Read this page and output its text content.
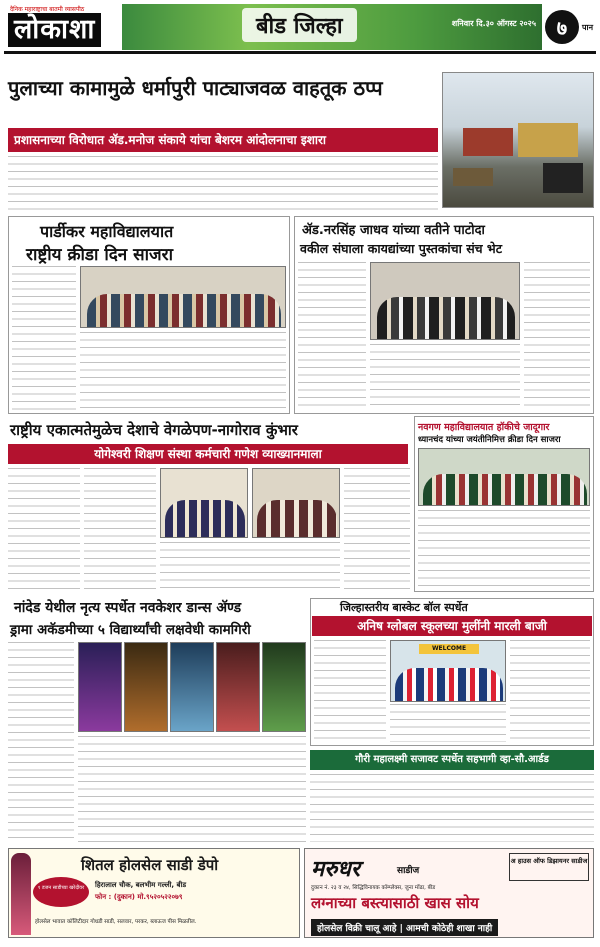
दैनिक महाराष्ट्राचा बातमी व्यासपीठ
लोकाशा	बीड जिल्हा	शनिवार दि.३० ऑगस्ट २०२५	७	पान
पुलाच्या कामामुळे धर्मापुरी पाट्याजवळ वाहतूक ठप्प
प्रशासनाच्या विरोधात ॲड.मनोज संकाये यांचा बेशरम आंदोलनाचा इशारा
पार्डीकर महाविद्यालयात
राष्ट्रीय क्रीडा दिन साजरा
ॲड.नरसिंह जाधव यांच्या वतीने पाटोदा
वकील संघाला कायद्यांच्या पुस्तकांचा संच भेट
राष्ट्रीय एकात्मतेमुळेच देशाचे वेगळेपण-नागोराव कुंभार
योगेश्वरी शिक्षण संस्था कर्मचारी गणेश व्याख्यानमाला
नवगण महाविद्यालयात हॉकीचे जादूगार
ध्यानचंद यांच्या जयंतीनिमित्त क्रीडा दिन साजरा
नांदेड येथील नृत्य स्पर्धेत नवकेशर डान्स ॲण्ड
ड्रामा अकॅडमीच्या ५ विद्यार्थ्यांची लक्षवेधी कामगिरी
जिल्हास्तरीय बास्केट बॉल स्पर्धेत
अनिष ग्लोबल स्कूलच्या मुलींनी मारली बाजी
WELCOME
गौरी महालक्ष्मी सजावट स्पर्धेत सहभागी व्हा-सौ.आर्डड
शितल होलसेल साडी डेपो
हिरालाल चौक, बलभीम गल्ली, बीड
फोन : (दुकान) मो.९५२०५२२०७९
१ डजन साडीच्या खरेदीवर
होलसेल भावात कॉलिटीदार गोधडी साडी, सलवार, परकर, ब्लाऊज पीस मिळतील.
मरुधर	साडीज
अ हाउस ऑफ डिझायनर साडीज
दुकान नं. २३ व २४, सिद्धिविनायक कॉम्प्लेक्स, जुना मोंढा, बीड
लग्नाच्या बस्त्यासाठी खास सोय
होलसेल विक्री चालू आहे | आमची कोठेही शाखा नाही
